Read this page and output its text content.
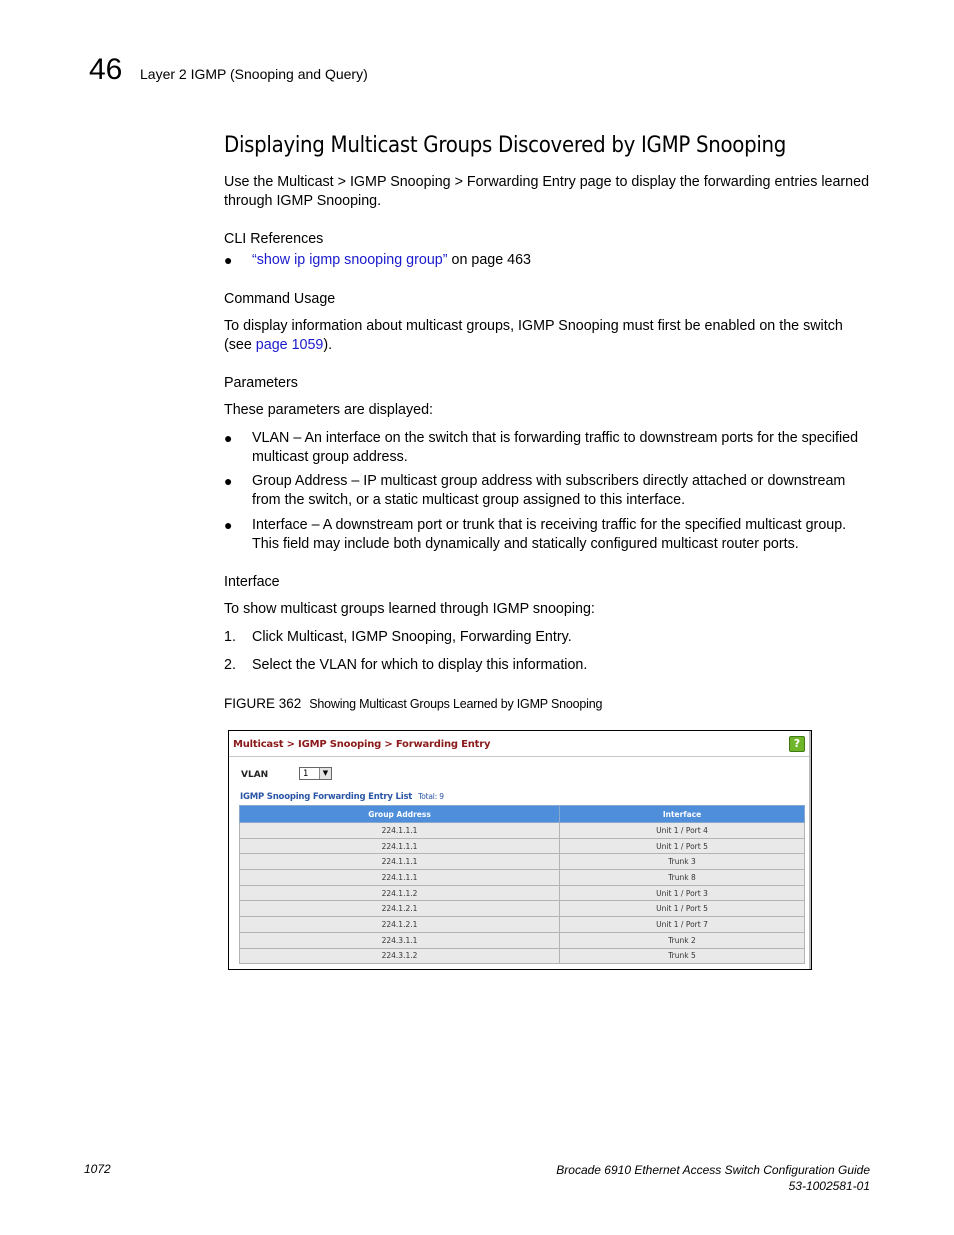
46 Layer 2 IGMP (Snooping and Query)
Displaying Multicast Groups Discovered by IGMP Snooping
Use the Multicast > IGMP Snooping > Forwarding Entry page to display the forwarding entries learned through IGMP Snooping.
CLI References
● “show ip igmp snooping group” on page 463
Command Usage
To display information about multicast groups, IGMP Snooping must first be enabled on the switch (see page 1059).
Parameters
These parameters are displayed:
● VLAN – An interface on the switch that is forwarding traffic to downstream ports for the specified multicast group address.
● Group Address – IP multicast group address with subscribers directly attached or downstream from the switch, or a static multicast group assigned to this interface.
● Interface – A downstream port or trunk that is receiving traffic for the specified multicast group. This field may include both dynamically and statically configured multicast router ports.
Interface
To show multicast groups learned through IGMP snooping:
1. Click Multicast, IGMP Snooping, Forwarding Entry.
2. Select the VLAN for which to display this information.
FIGURE 362 Showing Multicast Groups Learned by IGMP Snooping
Multicast > IGMP Snooping > Forwarding Entry	?
VLAN	1	▼
IGMP Snooping Forwarding Entry List Total: 9
Group Address	Interface
224.1.1.1	Unit 1 / Port 4
224.1.1.1	Unit 1 / Port 5
224.1.1.1	Trunk 3
224.1.1.1	Trunk 8
224.1.1.2	Unit 1 / Port 3
224.1.2.1	Unit 1 / Port 5
224.1.2.1	Unit 1 / Port 7
224.3.1.1	Trunk 2
224.3.1.2	Trunk 5
1072	Brocade 6910 Ethernet Access Switch Configuration Guide
53-1002581-01
